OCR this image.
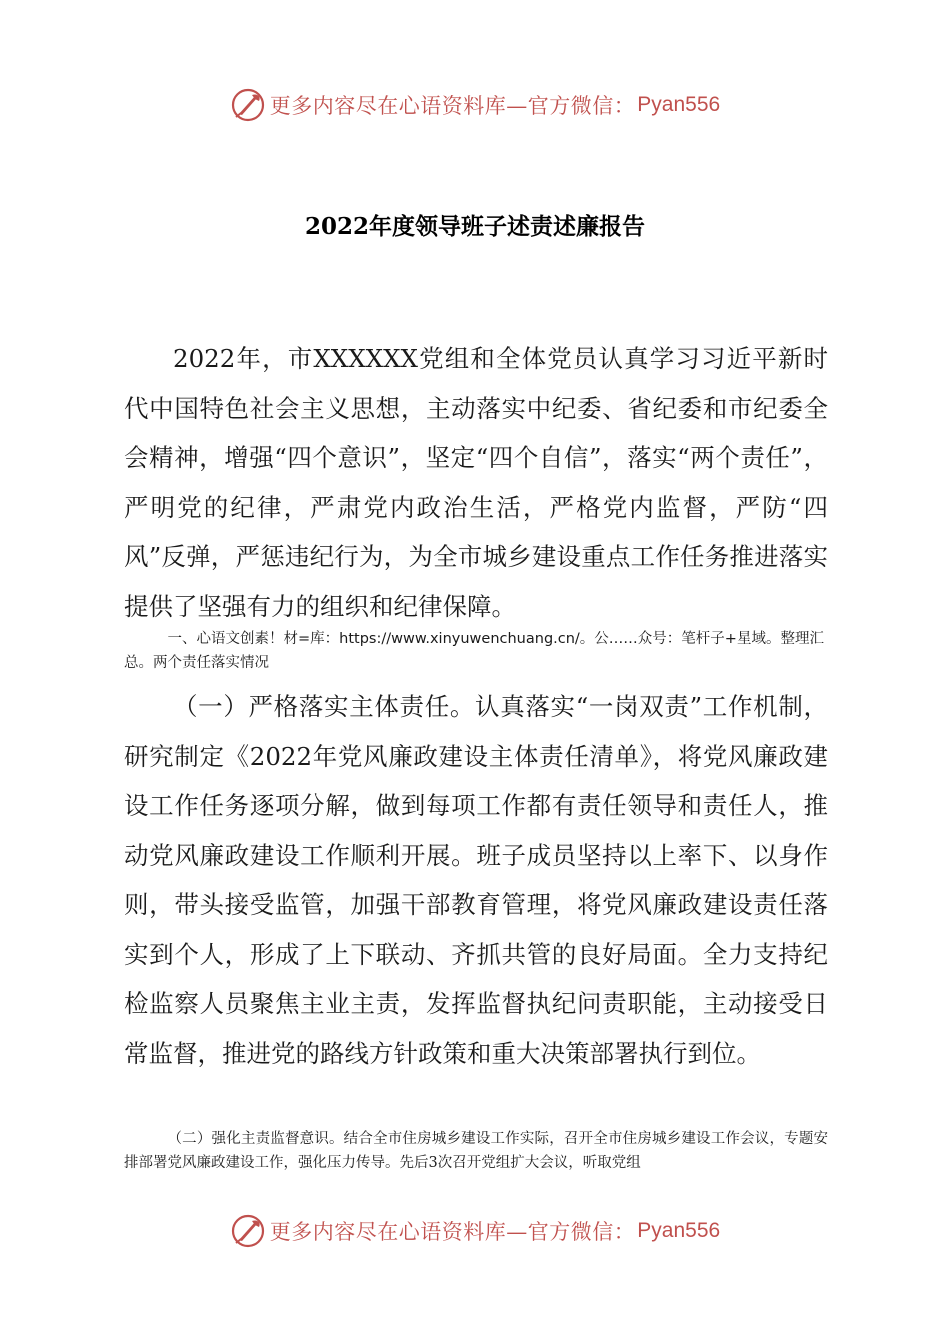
更多内容尽在心语资料库—官方微信： Pyan556
2022年度领导班子述责述廉报告

2022年，市XXXXXX党组和全体党员认真学习习近平新时代中国特色社会主义思想，主动落实中纪委、省纪委和市纪委全会精神，增强“四个意识”，坚定“四个自信”，落实“两个责任”，严明党的纪律，严肃党内政治生活，严格党内监督，严防“四风”反弹，严惩违纪行为，为全市城乡建设重点工作任务推进落实提供了坚强有力的组织和纪律保障。

一、心语文创素！材=库：https://www.xinyuwenchuang.cn/。公……众号：笔杆子+星域。整理汇总。两个责任落实情况

（一）严格落实主体责任。认真落实“一岗双责”工作机制，研究制定《2022年党风廉政建设主体责任清单》，将党风廉政建设工作任务逐项分解，做到每项工作都有责任领导和责任人，推动党风廉政建设工作顺利开展。班子成员坚持以上率下、以身作则，带头接受监管，加强干部教育管理，将党风廉政建设责任落实到个人，形成了上下联动、齐抓共管的良好局面。全力支持纪检监察人员聚焦主业主责，发挥监督执纪问责职能，主动接受日常监督，推进党的路线方针政策和重大决策部署执行到位。

（二）强化主责监督意识。结合全市住房城乡建设工作实际，召开全市住房城乡建设工作会议，专题安排部署党风廉政建设工作，强化压力传导。先后3次召开党组扩大会议，听取党组

更多内容尽在心语资料库—官方微信： Pyan556
